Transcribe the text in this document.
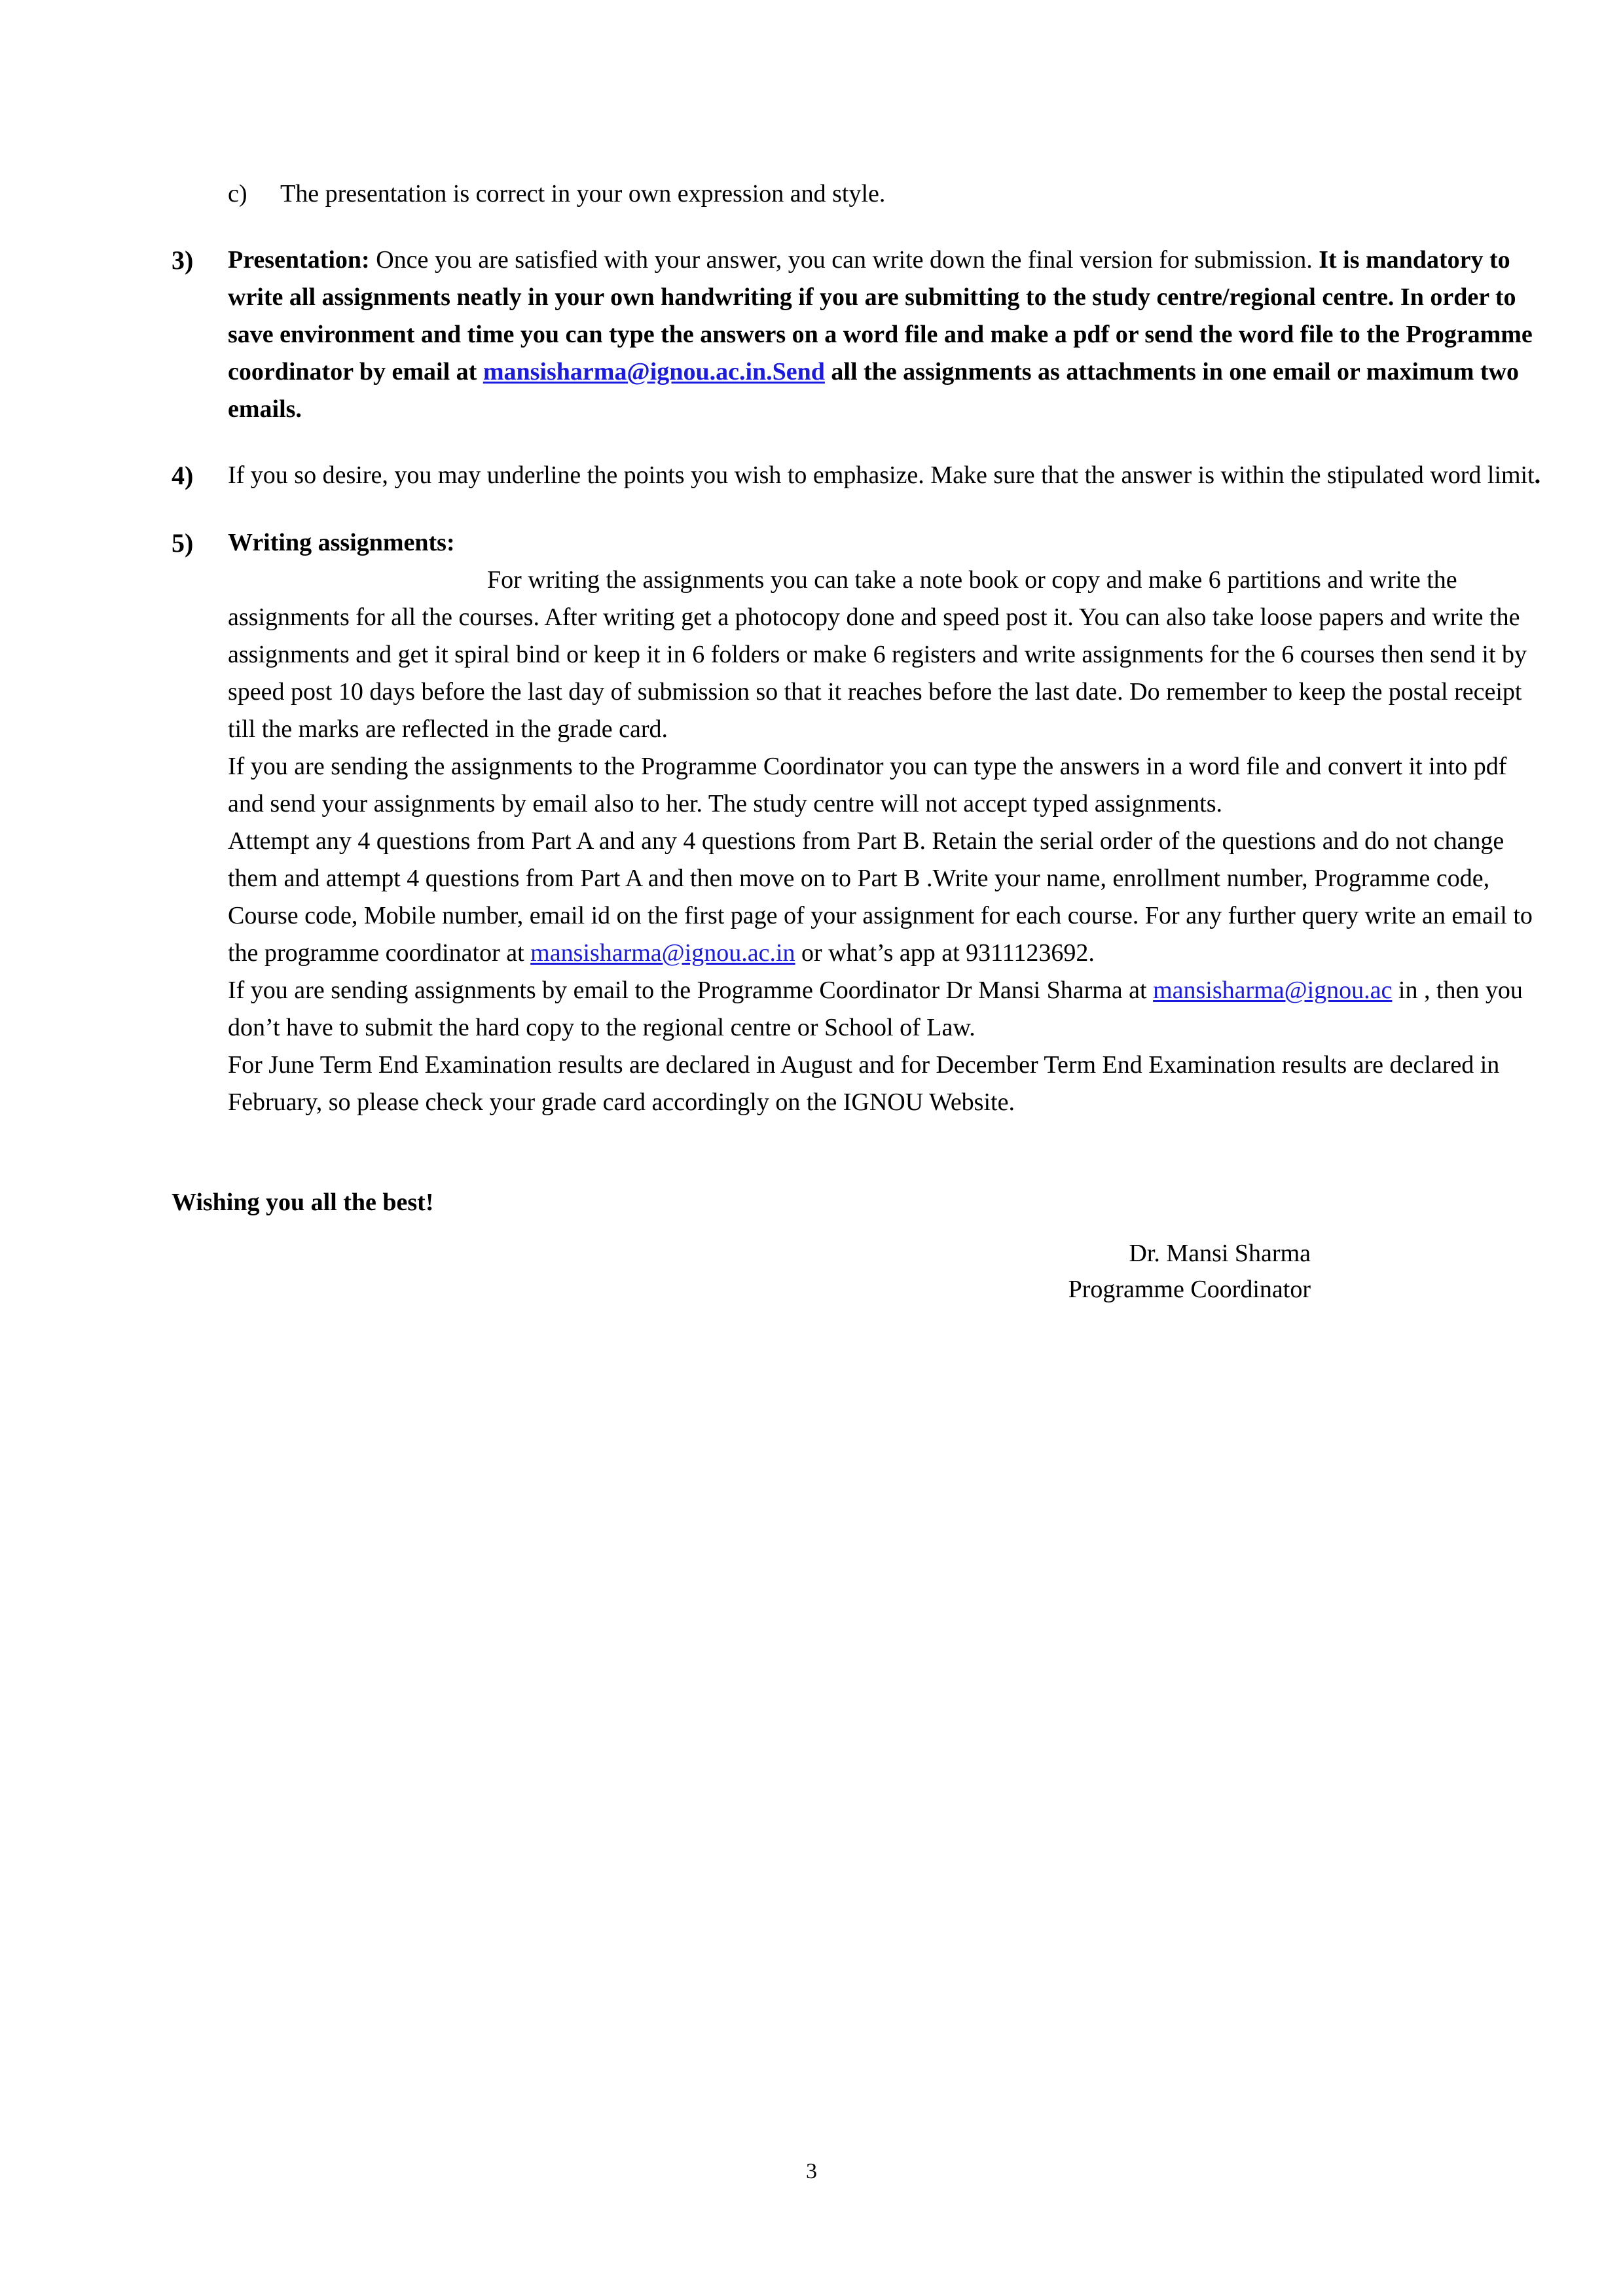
c)	The presentation is correct in your own expression and style.
3)	Presentation: Once you are satisfied with your answer, you can write down the final version for submission. It is mandatory to write all assignments neatly in your own handwriting if you are submitting to the study centre/regional centre. In order to save environment and time you can type the answers on a word file and make a pdf or send the word file to the Programme coordinator by email at mansisharma@ignou.ac.in.Send all the assignments as attachments in one email or maximum two emails.
4)	If you so desire, you may underline the points you wish to emphasize. Make sure that the answer is within the stipulated word limit.
5)	Writing assignments:

For writing the assignments you can take a note book or copy and make 6 partitions and write the assignments for all the courses. After writing get a photocopy done and speed post it. You can also take loose papers and write the assignments and get it spiral bind or keep it in 6 folders or make 6 registers and write assignments for the 6 courses then send it by speed post 10 days before the last day of submission so that it reaches before the last date. Do remember to keep the postal receipt till the marks are reflected in the grade card.

If you are sending the assignments to the Programme Coordinator you can type the answers in a word file and convert it into pdf and send your assignments by email also to her. The study centre will not accept typed assignments.

Attempt any 4 questions from Part A and any 4 questions from Part B. Retain the serial order of the questions and do not change them and attempt 4 questions from Part A and then move on to Part B .Write your name, enrollment number, Programme code, Course code, Mobile number, email id on the first page of your assignment for each course. For any further query write an email to the programme coordinator at mansisharma@ignou.ac.in or what’s app at 9311123692.

If you are sending assignments by email to the Programme Coordinator Dr Mansi Sharma at mansisharma@ignou.ac in , then you don’t have to submit the hard copy to the regional centre or School of Law.

For June Term End Examination results are declared in August and for December Term End Examination results are declared in February, so please check your grade card accordingly on the IGNOU Website.

Wishing you all the best!
Dr. Mansi Sharma
Programme Coordinator
3
